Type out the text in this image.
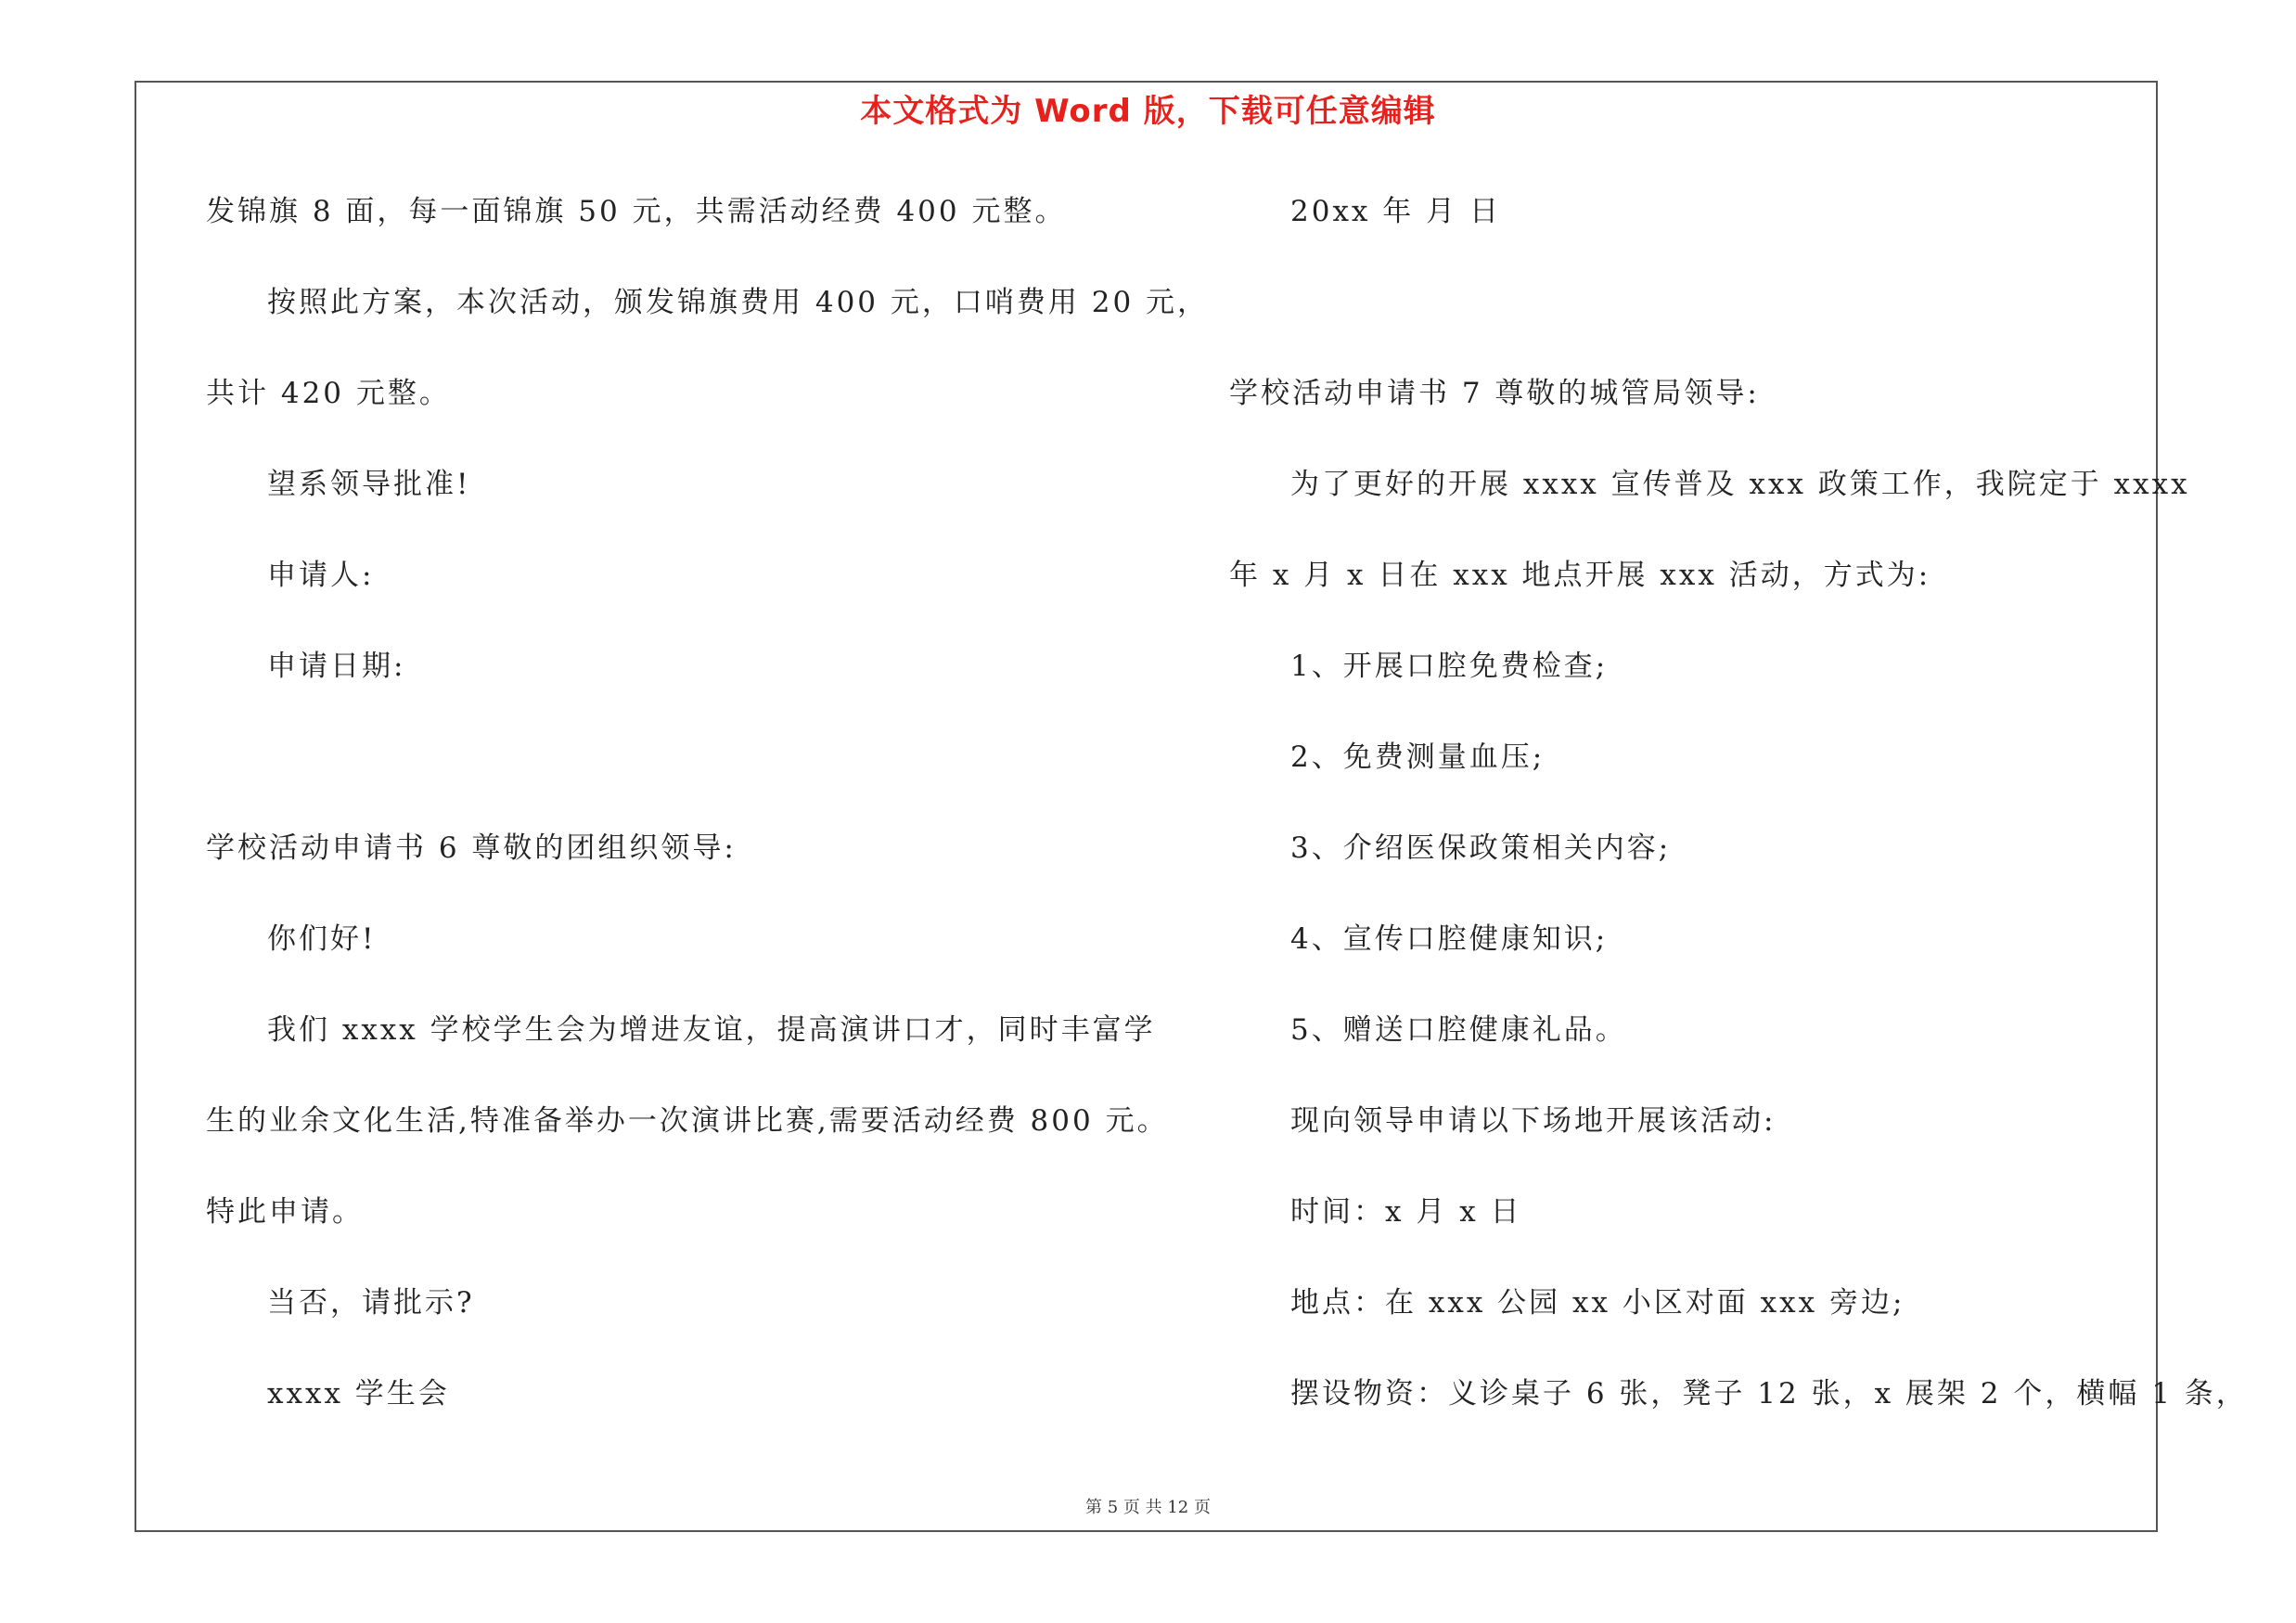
本文格式为 Word 版，下载可任意编辑
发锦旗 8 面，每一面锦旗 50 元，共需活动经费 400 元整。
按照此方案，本次活动，颁发锦旗费用 400 元，口哨费用 20 元，
共计 420 元整。
望系领导批准!
申请人:
申请日期:
学校活动申请书 6 尊敬的团组织领导:
你们好!
我们 xxxx 学校学生会为增进友谊，提高演讲口才，同时丰富学
生的业余文化生活,特准备举办一次演讲比赛,需要活动经费 800 元。
特此申请。
当否，请批示?
xxxx 学生会
20xx 年 月 日
学校活动申请书 7 尊敬的城管局领导:
为了更好的开展 xxxx 宣传普及 xxx 政策工作，我院定于 xxxx
年 x 月 x 日在 xxx 地点开展 xxx 活动，方式为:
1、开展口腔免费检查;
2、免费测量血压;
3、介绍医保政策相关内容;
4、宣传口腔健康知识;
5、赠送口腔健康礼品。
现向领导申请以下场地开展该活动:
时间：x 月 x 日
地点：在 xxx 公园 xx 小区对面 xxx 旁边;
摆设物资：义诊桌子 6 张，凳子 12 张，x 展架 2 个，横幅 1 条，
第 5 页 共 12 页
